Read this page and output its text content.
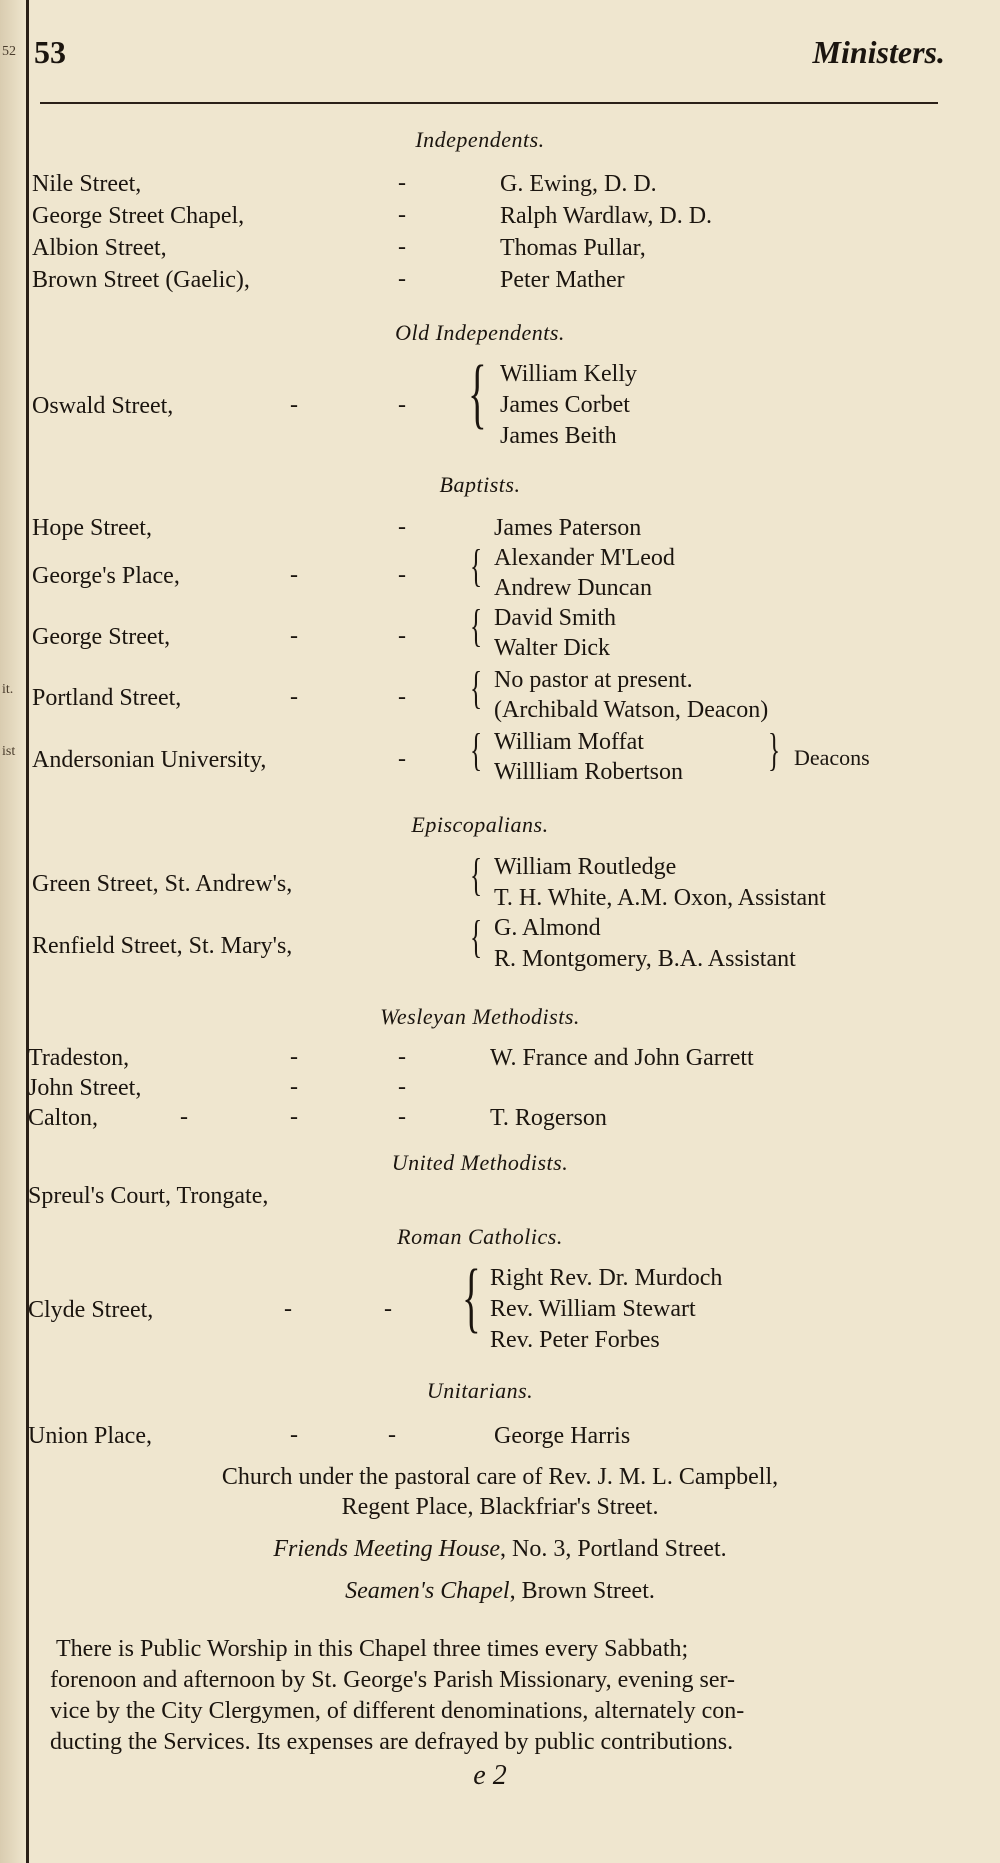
52
it.
ist
53	Ministers.
Independents.
Nile Street,	-	G. Ewing, D. D.
George Street Chapel,	-	Ralph Wardlaw, D. D.
Albion Street,	-	Thomas Pullar,
Brown Street (Gaelic),	-	Peter Mather
Old Independents.
Oswald Street,	-	- { William Kelly
James Corbet
James Beith
Baptists.
Hope Street,	-	James Paterson
George's Place,	-	- { Alexander M'Leod
Andrew Duncan
George Street,	-	- { David Smith
Walter Dick
Portland Street,	-	- { No pastor at present.
(Archibald Watson, Deacon)
Andersonian University,	- { William Moffat
Willliam Robertson } Deacons
Episcopalians.
Green Street, St. Andrew's,	{ William Routledge
T. H. White, A.M. Oxon, Assistant
Renfield Street, St. Mary's,	{ G. Almond
R. Montgomery, B.A. Assistant
Wesleyan Methodists.
Tradeston,	-	-	W. France and John Garrett
John Street,	-	-
Calton,	-	-	-	T. Rogerson
United Methodists.
Spreul's Court, Trongate,
Roman Catholics.
Clyde Street,	-	- { Right Rev. Dr. Murdoch
Rev. William Stewart
Rev. Peter Forbes
Unitarians.
Union Place,	-	-	George Harris
Church under the pastoral care of Rev. J. M. L. Campbell,
Regent Place, Blackfriar's Street.
Friends Meeting House, No. 3, Portland Street.
Seamen's Chapel, Brown Street.
There is Public Worship in this Chapel three times every Sabbath;
forenoon and afternoon by St. George's Parish Missionary, evening ser-
vice by the City Clergymen, of different denominations, alternately con-
ducting the Services. Its expenses are defrayed by public contributions.
e 2
